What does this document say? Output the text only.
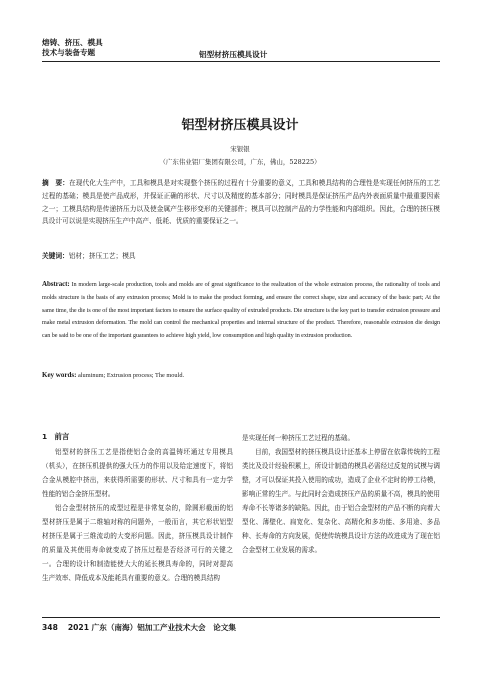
熔铸、挤压、模具
技术与装备专题	铝型材挤压模具设计
铝型材挤压模具设计
宋银银
（广东伟业铝厂集团有限公司，广东，佛山，528225）
摘　要：在现代化大生产中，工具和模具是对实现整个挤压的过程有十分重要的意义，工具和模具结构的合理性是实现任何挤压的工艺过程的基础；模具是使产品成形，并保证正确的形状、尺寸以及精度的基本部分；同时模具是保证挤压产品内外表面质量中最重要因素之一；工模具结构是传递挤压力以及使金属产生移形变形的关键部件；模具可以控制产品的力学性能和内部组织。因此，合理的挤压模具设计可以说是实现挤压生产中高产、低耗、优质的重要保证之一。
关键词：铝材；挤压工艺；模具
Abstract: In modern large-scale production, tools and molds are of great significance to the realization of the whole extrusion process, the rationality of tools and molds structure is the basis of any extrusion process; Mold is to make the product forming, and ensure the correct shape, size and accuracy of the basic part; At the same time, the die is one of the most important factors to ensure the surface quality of extruded products. Die structure is the key part to transfer extrusion pressure and make metal extrusion deformation. The mold can control the mechanical properties and internal structure of the product. Therefore, reasonable extrusion die design can be said to be one of the important guarantees to achieve high yield, low consumption and high quality in extrusion production.
Key words: aluminum; Extrusion process; The mould.
1　前言

铝型材的挤压工艺是指使铝合金的高温铸坯通过专用模具（机头），在挤压机提供的强大压力的作用以及给定速度下，将铝合金从模腔中挤出，来获得所需要的形状、尺寸和具有一定力学性能的铝合金挤压型材。

铝合金型材挤压的成型过程是非常复杂的，除圆形截面的铝型材挤压是属于二维轴对称的问题外，一般而言，其它形状铝型材挤压是属于三维流动的大变形问题。因此，挤压模具设计制作的质量及其使用寿命就变成了挤压过程是否经济可行的关键之一。合理的设计和制造能使大大的延长模具寿命的，同时对提高生产效率、降低成本及能耗具有重要的意义。合理的模具结构

是实现任何一种挤压工艺过程的基础。

目前，我国型材的挤压模具设计还基本上停留在依靠传统的工程类比及设计经验积累上，所设计制造的模具必需经过反复的试模与调整，才可以保证其投入使用的成功，造成了企业不定时的停工待模，影响正常的生产。与此同时会造成挤压产品的质量不高，模具的使用寿命不长等诸多的缺陷。因此，由于铝合金型材的产品不断的向着大型化、薄壁化、扁宽化、复杂化、高精化和多功能、多用途、多品种、长寿命的方向发展，促使传统模具设计方法的改进成为了现在铝合金型材工业发展的需求。

348 2021 广东（南海）铝加工产业技术大会　论文集
